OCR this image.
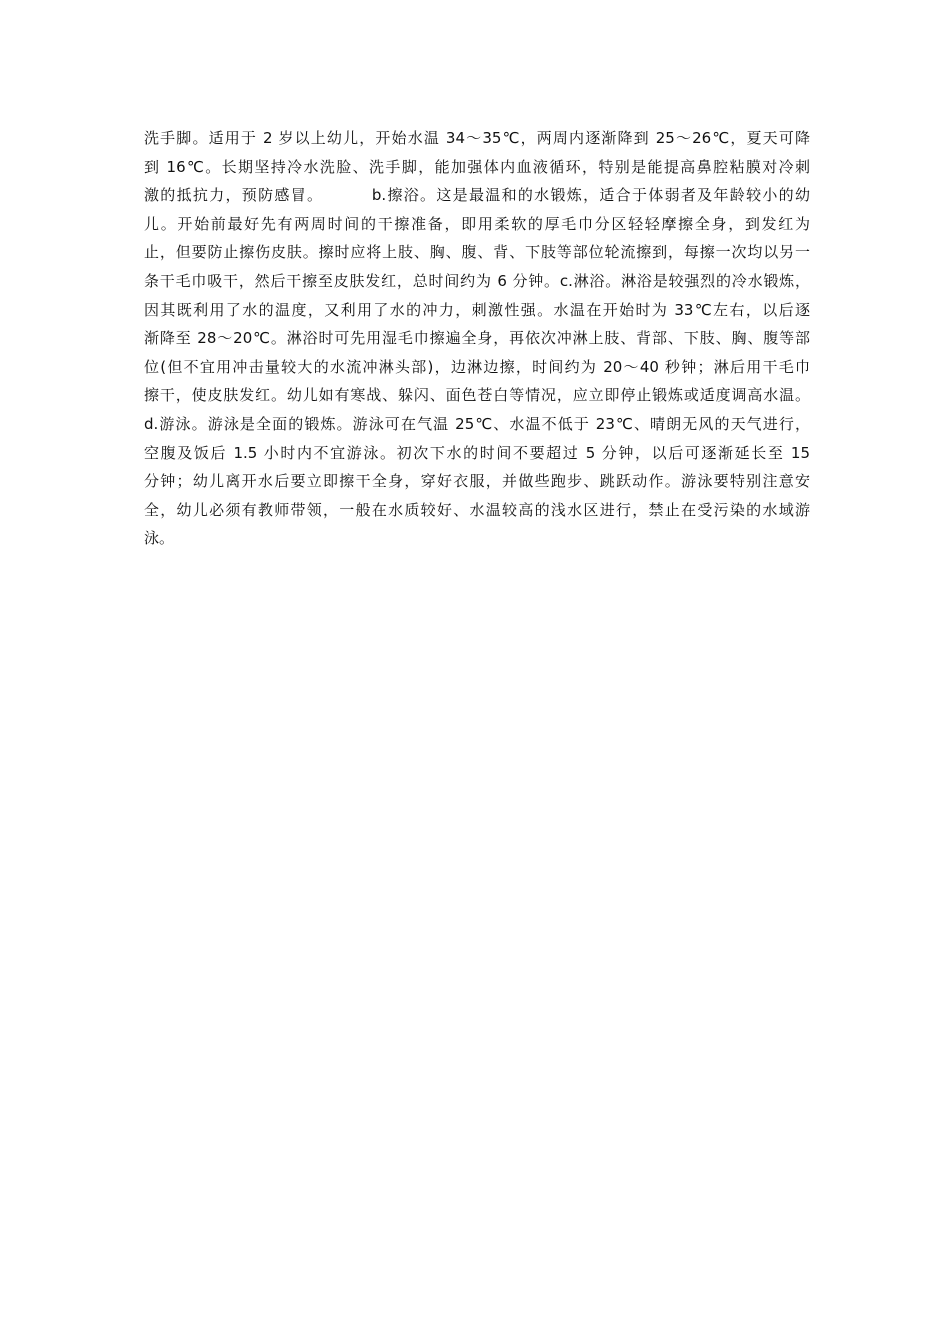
洗手脚。适用于 2 岁以上幼儿，开始水温 34～35℃，两周内逐渐降到 25～26℃，夏天可降
到 16℃。长期坚持冷水洗脸、洗手脚，能加强体内血液循环，特别是能提高鼻腔粘膜对冷刺
激的抵抗力，预防感冒。        b.擦浴。这是最温和的水锻炼，适合于体弱者及年龄较小的幼
儿。开始前最好先有两周时间的干擦准备，即用柔软的厚毛巾分区轻轻摩擦全身，到发红为
止，但要防止擦伤皮肤。擦时应将上肢、胸、腹、背、下肢等部位轮流擦到，每擦一次均以另一
条干毛巾吸干，然后干擦至皮肤发红，总时间约为 6 分钟。c.淋浴。淋浴是较强烈的冷水锻炼，
因其既利用了水的温度，又利用了水的冲力，刺激性强。水温在开始时为 33℃左右，以后逐
渐降至 28～20℃。淋浴时可先用湿毛巾擦遍全身，再依次冲淋上肢、背部、下肢、胸、腹等部
位(但不宜用冲击量较大的水流冲淋头部)，边淋边擦，时间约为 20～40 秒钟；淋后用干毛巾
擦干，使皮肤发红。幼儿如有寒战、躲闪、面色苍白等情况，应立即停止锻炼或适度调高水温。
d.游泳。游泳是全面的锻炼。游泳可在气温 25℃、水温不低于 23℃、晴朗无风的天气进行，
空腹及饭后 1.5 小时内不宜游泳。初次下水的时间不要超过 5 分钟，以后可逐渐延长至 15
分钟；幼儿离开水后要立即擦干全身，穿好衣服，并做些跑步、跳跃动作。游泳要特别注意安
全，幼儿必须有教师带领，一般在水质较好、水温较高的浅水区进行，禁止在受污染的水域游
泳。
